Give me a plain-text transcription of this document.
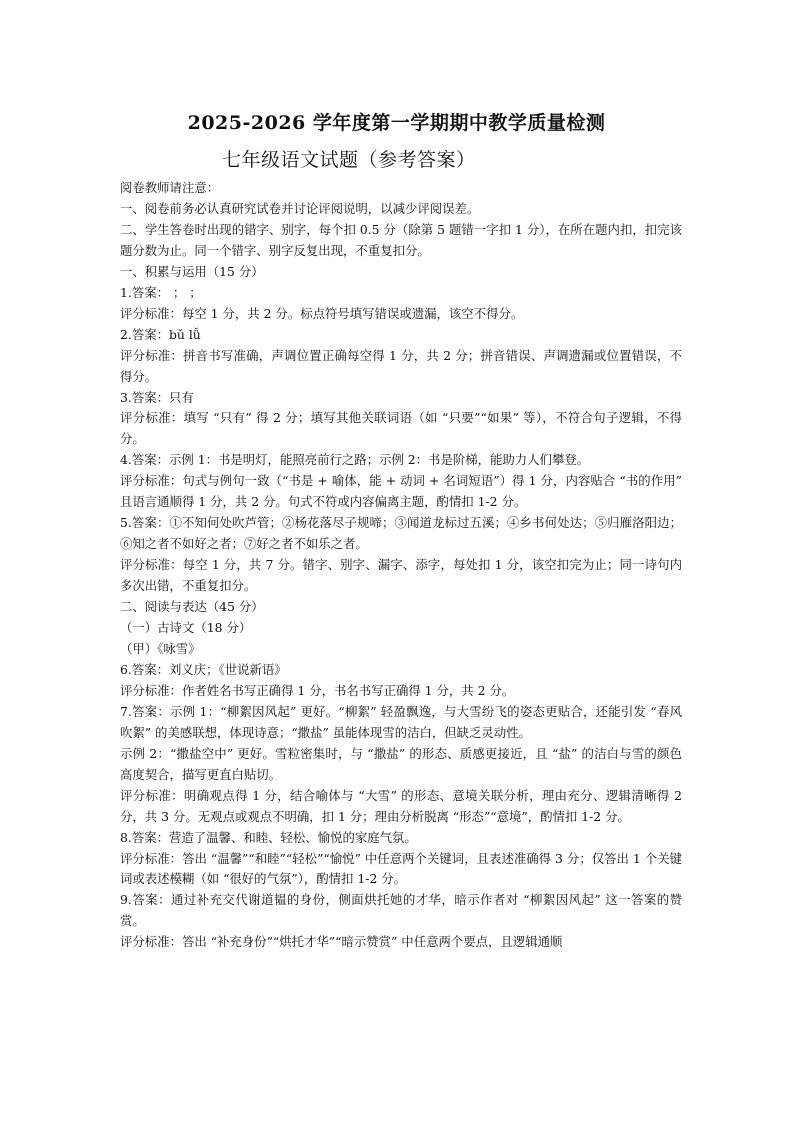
2025-2026 学年度第一学期期中教学质量检测
七年级语文试题（参考答案）

阅卷教师请注意：

一、阅卷前务必认真研究试卷并讨论评阅说明，以减少评阅误差。

二、学生答卷时出现的错字、别字，每个扣 0.5 分（除第 5 题错一字扣 1 分），在所在题内扣，扣完该题分数为止。同一个错字、别字反复出现，不重复扣分。

一、积累与运用（15 分）

1.答案： ； ；

评分标准：每空 1 分，共 2 分。标点符号填写错误或遗漏，该空不得分。

2.答案：bǔ lǚ

评分标准：拼音书写准确，声调位置正确每空得 1 分，共 2 分；拼音错误、声调遗漏或位置错误，不得分。

3.答案：只有

评分标准：填写 “只有” 得 2 分；填写其他关联词语（如 “只要”“如果” 等），不符合句子逻辑，不得分。

4.答案：示例 1：书是明灯，能照亮前行之路；示例 2：书是阶梯，能助力人们攀登。

评分标准：句式与例句一致（“书是 + 喻体，能 + 动词 + 名词短语”）得 1 分，内容贴合 “书的作用” 且语言通顺得 1 分，共 2 分。句式不符或内容偏离主题，酌情扣 1-2 分。

5.答案：①不知何处吹芦管；②杨花落尽子规啼；③闻道龙标过五溪；④乡书何处达；⑤归雁洛阳边；⑥知之者不如好之者；⑦好之者不如乐之者。

评分标准：每空 1 分，共 7 分。错字、别字、漏字、添字，每处扣 1 分，该空扣完为止；同一诗句内多次出错，不重复扣分。

二、阅读与表达（45 分）

（一）古诗文（18 分）

（甲）《咏雪》

6.答案：刘义庆；《世说新语》

评分标准：作者姓名书写正确得 1 分，书名书写正确得 1 分，共 2 分。

7.答案：示例 1：“柳絮因风起” 更好。“柳絮” 轻盈飘逸，与大雪纷飞的姿态更贴合，还能引发 “春风吹絮” 的美感联想，体现诗意；“撒盐” 虽能体现雪的洁白，但缺乏灵动性。

示例 2：“撒盐空中” 更好。雪粒密集时，与 “撒盐” 的形态、质感更接近，且 “盐” 的洁白与雪的颜色高度契合，描写更直白贴切。

评分标准：明确观点得 1 分，结合喻体与 “大雪” 的形态、意境关联分析，理由充分、逻辑清晰得 2 分，共 3 分。无观点或观点不明确，扣 1 分；理由分析脱离 “形态”“意境”，酌情扣 1-2 分。

8.答案：营造了温馨、和睦、轻松、愉悦的家庭气氛。

评分标准：答出 “温馨”“和睦”“轻松”“愉悦” 中任意两个关键词，且表述准确得 3 分；仅答出 1 个关键词或表述模糊（如 “很好的气氛”），酌情扣 1-2 分。

9.答案：通过补充交代谢道韫的身份，侧面烘托她的才华，暗示作者对 “柳絮因风起” 这一答案的赞赏。

评分标准：答出 “补充身份”“烘托才华”“暗示赞赏” 中任意两个要点，且逻辑通顺
